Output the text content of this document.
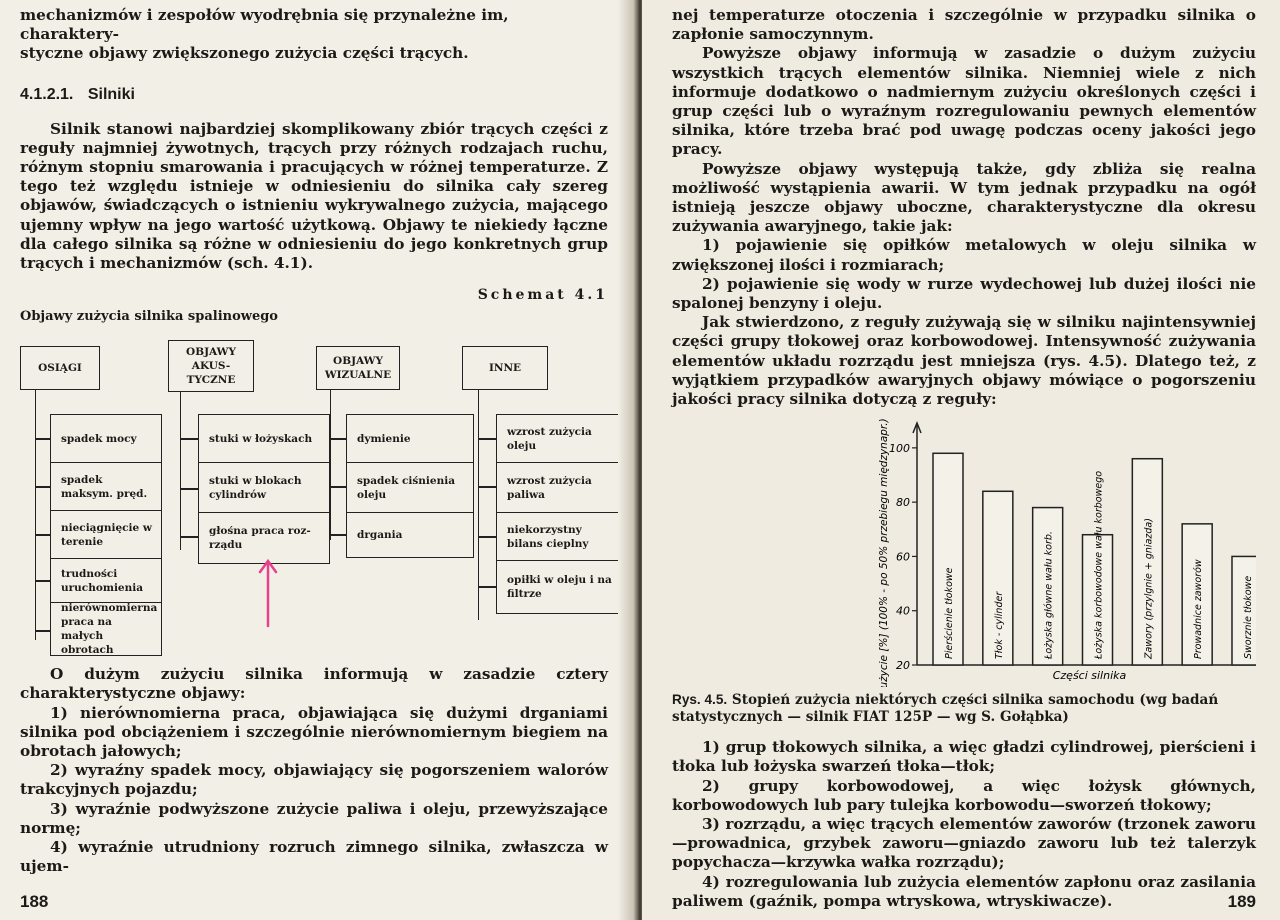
mechanizmów i zespołów wyodrębnia się przynależne im, charaktery-

styczne objawy zwiększonego zużycia części trących.

4.1.2.1. Silniki

Silnik stanowi najbardziej skomplikowany zbiór trących części z reguły najmniej żywotnych, trących przy różnych rodzajach ruchu, różnym stopniu smarowania i pracujących w różnej temperaturze. Z tego też względu istnieje w odniesieniu do silnika cały szereg objawów, świadczących o istnieniu wykrywalnego zużycia, mającego ujemny wpływ na jego wartość użytkową. Objawy te niekiedy łączne dla całego silnika są różne w odniesieniu do jego konkretnych grup trących i mechanizmów (sch. 4.1).

Schemat 4.1
Objawy zużycia silnika spalinowego
OSIĄGI
OBJAWY AKUS-TYCZNE
OBJAWY WIZUALNE
INNE
spadek mocy
spadek maksym. pręd.
nieciągnięcie w terenie
trudności uruchomienia
nierównomierna praca na małych obrotach
stuki w łożyskach
stuki w blokach cylindrów
głośna praca roz-rządu
dymienie
spadek ciśnienia oleju
drgania
wzrost zużycia oleju
wzrost zużycia paliwa
niekorzystny bilans cieplny
opiłki w oleju i na filtrze

O dużym zużyciu silnika informują w zasadzie cztery charakterystyczne objawy:

1) nierównomierna praca, objawiająca się dużymi drganiami silnika pod obciążeniem i szczególnie nierównomiernym biegiem na obrotach jałowych;

2) wyraźny spadek mocy, objawiający się pogorszeniem walorów trakcyjnych pojazdu;

3) wyraźnie podwyższone zużycie paliwa i oleju, przewyższające normę;

4) wyraźnie utrudniony rozruch zimnego silnika, zwłaszcza w ujem-

188

nej temperaturze otoczenia i szczególnie w przypadku silnika o zapłonie samoczynnym.

Powyższe objawy informują w zasadzie o dużym zużyciu wszystkich trących elementów silnika. Niemniej wiele z nich informuje dodatkowo o nadmiernym zużyciu określonych części i grup części lub o wyraźnym rozregulowaniu pewnych elementów silnika, które trzeba brać pod uwagę podczas oceny jakości jego pracy.

Powyższe objawy występują także, gdy zbliża się realna możliwość wystąpienia awarii. W tym jednak przypadku na ogół istnieją jeszcze objawy uboczne, charakterystyczne dla okresu zużywania awaryjnego, takie jak:

1) pojawienie się opiłków metalowych w oleju silnika w zwiększonej ilości i rozmiarach;

2) pojawienie się wody w rurze wydechowej lub dużej ilości nie spalonej benzyny i oleju.

Jak stwierdzono, z reguły zużywają się w silniku najintensywniej części grupy tłokowej oraz korbowodowej. Intensywność zużywania elementów układu rozrządu jest mniejsza (rys. 4.5). Dlatego też, z wyjątkiem przypadków awaryjnych objawy mówiące o pogorszeniu jakości pracy silnika dotyczą z reguły:

20
40
60
80
100
Zużycie [%] (100% - po 50% przebiegu międzynapr.)	Pierścienie tłokowe	Tłok - cylinder	Łożyska główne wału korb.	Łożyska korbowodowe wału korbowego	Zawory (przylgnie + gniazda)	Prowadnice zaworów	Sworznie tłokowe
Części silnika
Rys. 4.5. Stopień zużycia niektórych części silnika samochodu (wg badań statystycznych — silnik FIAT 125P — wg S. Gołąbka)

1) grup tłokowych silnika, a więc gładzi cylindrowej, pierścieni i tłoka lub łożyska swarzeń tłoka—tłok;

2) grupy korbowodowej, a więc łożysk głównych, korbowodowych lub pary tulejka korbowodu—sworzeń tłokowy;

3) rozrządu, a więc trących elementów zaworów (trzonek zaworu—prowadnica, grzybek zaworu—gniazdo zaworu lub też talerzyk popychacza—krzywka wałka rozrządu);

4) rozregulowania lub zużycia elementów zapłonu oraz zasilania paliwem (gaźnik, pompa wtryskowa, wtryskiwacze).	189
